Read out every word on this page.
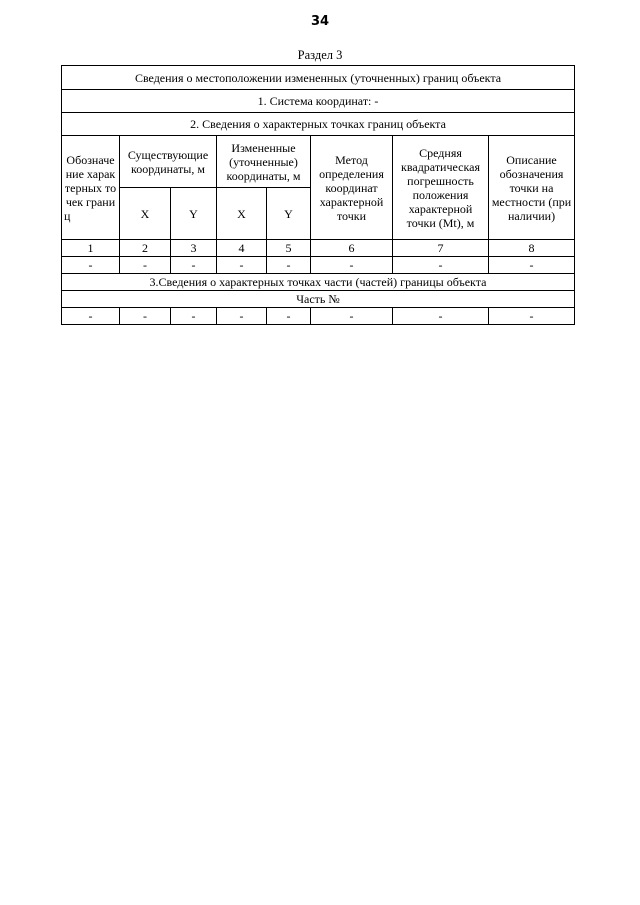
34
Раздел 3
Сведения о местоположении измененных (уточненных) границ объекта							
1. Система координат: -							
2. Сведения о характерных точках границ объекта							
Обозначение характерных точек границ	Существующие координаты, м		Измененные (уточненные) координаты, м		Метод определения координат характерной точки	Средняя квадратическая погрешность положения характерной точки (Mt), м	Описание обозначения точки на местности (при наличии)
	X	Y	X	Y			
1	2	3	4	5	6	7	8
-	-	-	-	-	-	-	-
3.Сведения о характерных точках части (частей) границы объекта							
Часть №							
-	-	-	-	-	-	-	-
